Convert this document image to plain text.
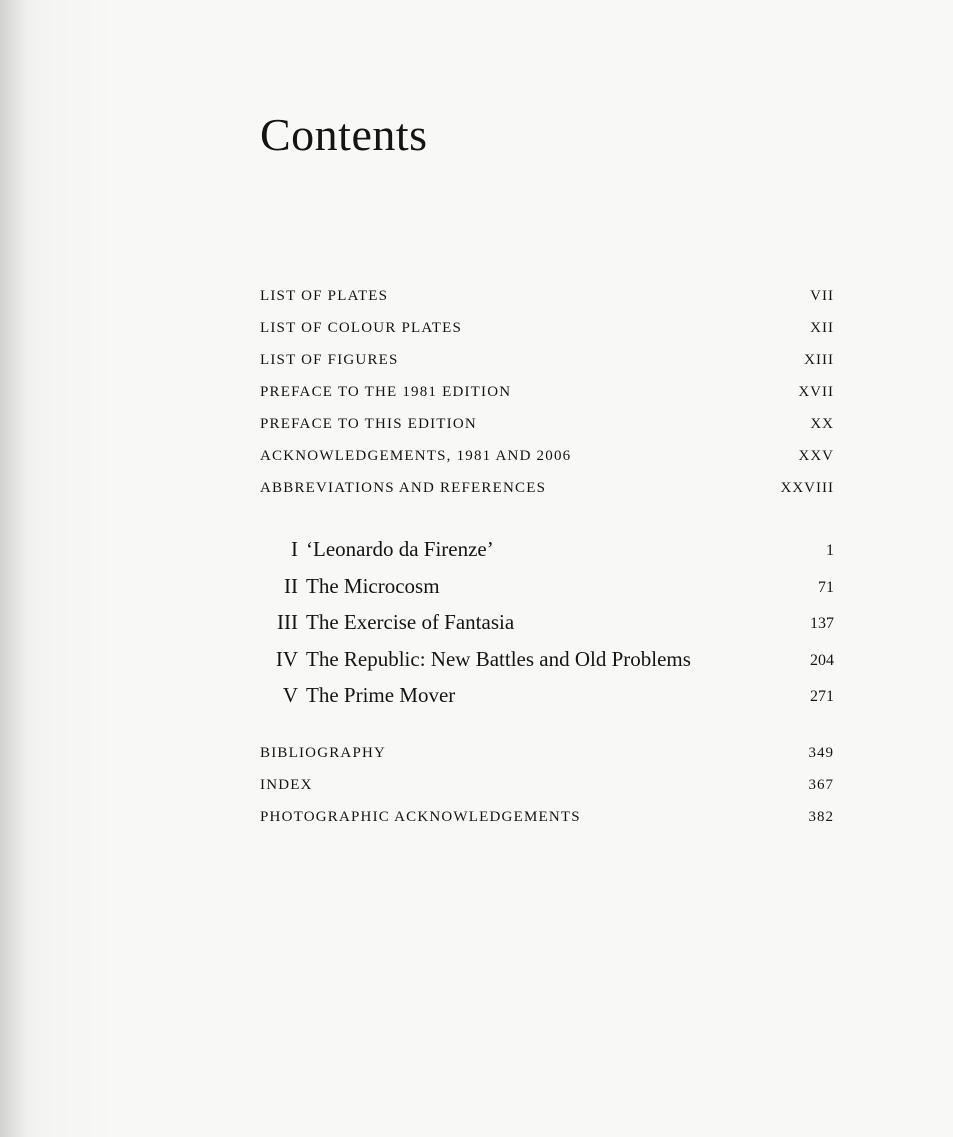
Contents
LIST OF PLATES	VII
LIST OF COLOUR PLATES	XII
LIST OF FIGURES	XIII
PREFACE TO THE 1981 EDITION	XVII
PREFACE TO THIS EDITION	XX
ACKNOWLEDGEMENTS, 1981 AND 2006	XXV
ABBREVIATIONS AND REFERENCES	XXVIII
I ‘Leonardo da Firenze’	1
II The Microcosm	71
III The Exercise of Fantasia	137
IV The Republic: New Battles and Old Problems	204
V The Prime Mover	271
BIBLIOGRAPHY	349
INDEX	367
PHOTOGRAPHIC ACKNOWLEDGEMENTS	382
